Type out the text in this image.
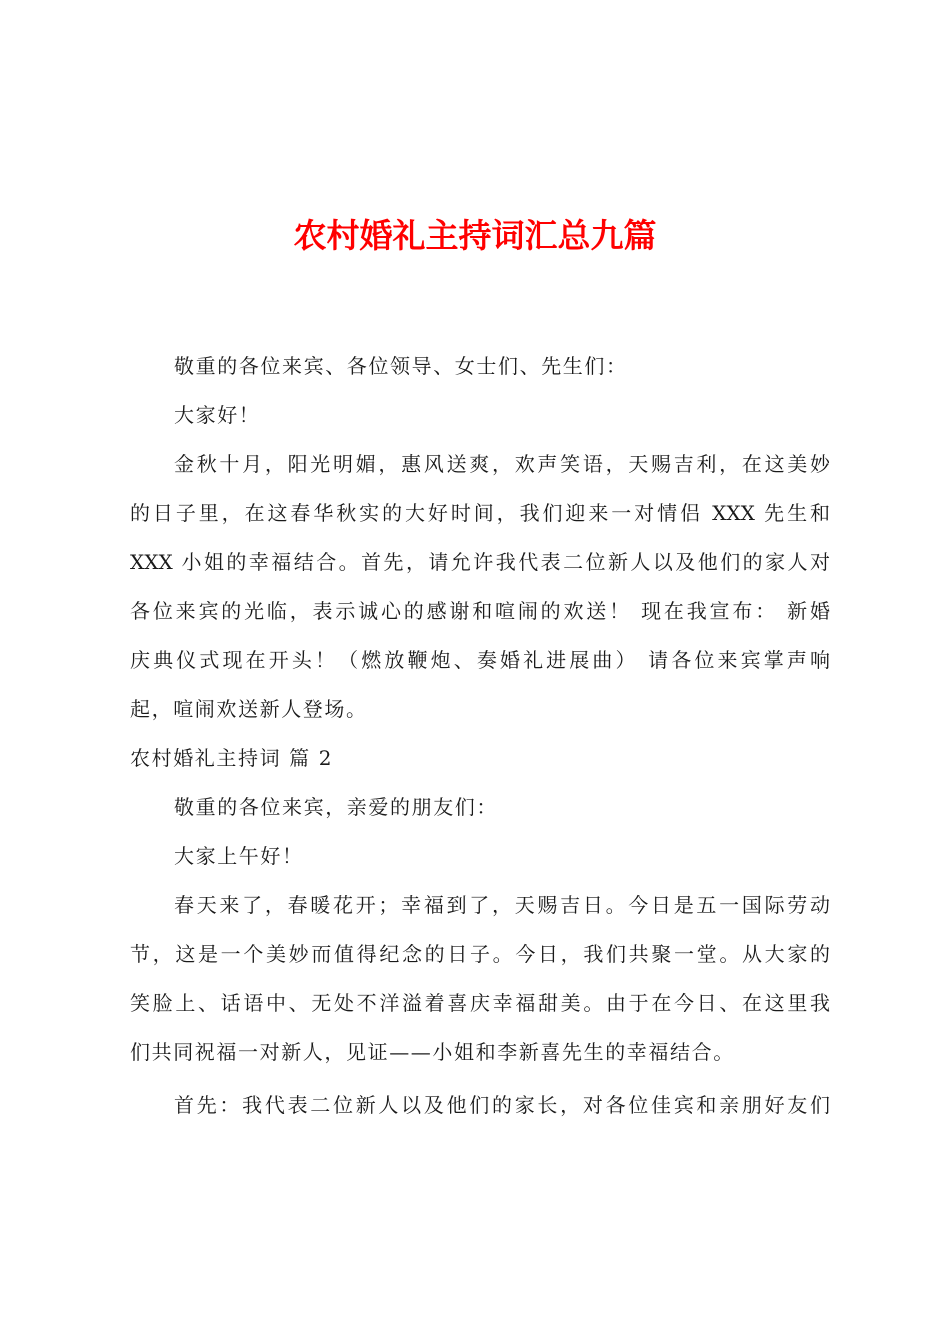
农村婚礼主持词汇总九篇
敬重的各位来宾、各位领导、女士们、先生们：
大家好！
金秋十月，阳光明媚，惠风送爽，欢声笑语，天赐吉利，在这美妙
的日子里，在这春华秋实的大好时间，我们迎来一对情侣 XXX 先生和
XXX 小姐的幸福结合。首先，请允许我代表二位新人以及他们的家人对
各位来宾的光临，表示诚心的感谢和喧闹的欢送！ 现在我宣布： 新婚
庆典仪式现在开头！（燃放鞭炮、奏婚礼进展曲） 请各位来宾掌声响
起，喧闹欢送新人登场。
农村婚礼主持词 篇 2
敬重的各位来宾，亲爱的朋友们：
大家上午好！
春天来了，春暖花开；幸福到了，天赐吉日。今日是五一国际劳动
节，这是一个美妙而值得纪念的日子。今日，我们共聚一堂。从大家的
笑脸上、话语中、无处不洋溢着喜庆幸福甜美。由于在今日、在这里我
们共同祝福一对新人，见证——小姐和李新喜先生的幸福结合。
首先：我代表二位新人以及他们的家长，对各位佳宾和亲朋好友们
